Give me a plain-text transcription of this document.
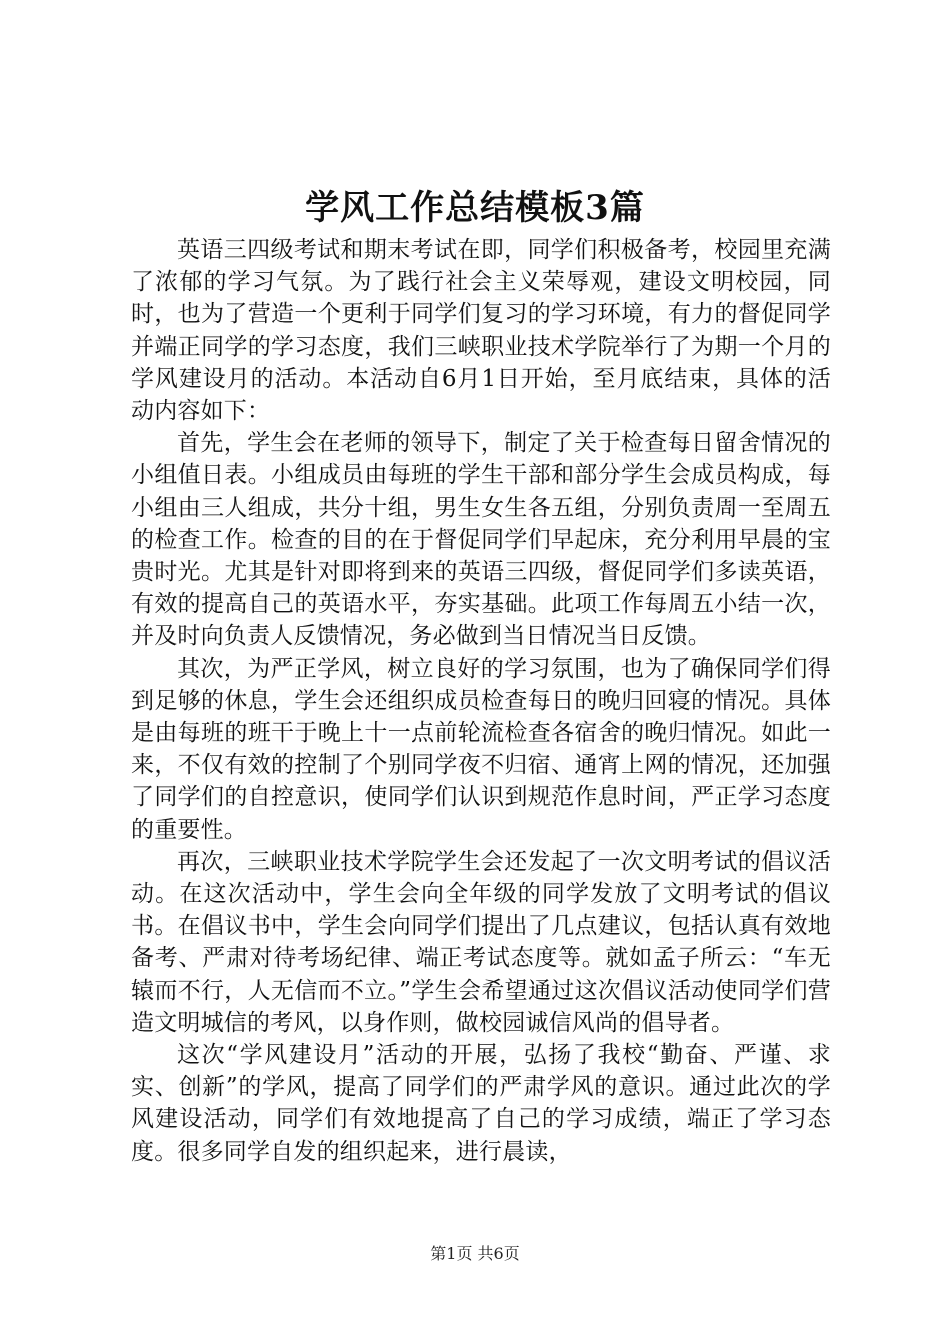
学风工作总结模板3篇

英语三四级考试和期末考试在即，同学们积极备考，校园里充满了浓郁的学习气氛。为了践行社会主义荣辱观，建设文明校园，同时，也为了营造一个更利于同学们复习的学习环境，有力的督促同学并端正同学的学习态度，我们三峡职业技术学院举行了为期一个月的学风建设月的活动。本活动自6月1日开始，至月底结束，具体的活动内容如下：

首先，学生会在老师的领导下，制定了关于检查每日留舍情况的小组值日表。小组成员由每班的学生干部和部分学生会成员构成，每小组由三人组成，共分十组，男生女生各五组，分别负责周一至周五的检查工作。检查的目的在于督促同学们早起床，充分利用早晨的宝贵时光。尤其是针对即将到来的英语三四级，督促同学们多读英语，有效的提高自己的英语水平，夯实基础。此项工作每周五小结一次，并及时向负责人反馈情况，务必做到当日情况当日反馈。

其次，为严正学风，树立良好的学习氛围，也为了确保同学们得到足够的休息，学生会还组织成员检查每日的晚归回寝的情况。具体是由每班的班干于晚上十一点前轮流检查各宿舍的晚归情况。如此一来，不仅有效的控制了个别同学夜不归宿、通宵上网的情况，还加强了同学们的自控意识，使同学们认识到规范作息时间，严正学习态度的重要性。

再次，三峡职业技术学院学生会还发起了一次文明考试的倡议活动。在这次活动中，学生会向全年级的同学发放了文明考试的倡议书。在倡议书中，学生会向同学们提出了几点建议，包括认真有效地备考、严肃对待考场纪律、端正考试态度等。就如孟子所云：“车无辕而不行，人无信而不立。”学生会希望通过这次倡议活动使同学们营造文明城信的考风，以身作则，做校园诚信风尚的倡导者。

这次“学风建设月”活动的开展，弘扬了我校“勤奋、严谨、求实、创新”的学风，提高了同学们的严肃学风的意识。通过此次的学风建设活动，同学们有效地提高了自己的学习成绩，端正了学习态度。很多同学自发的组织起来，进行晨读，

第1页 共6页
